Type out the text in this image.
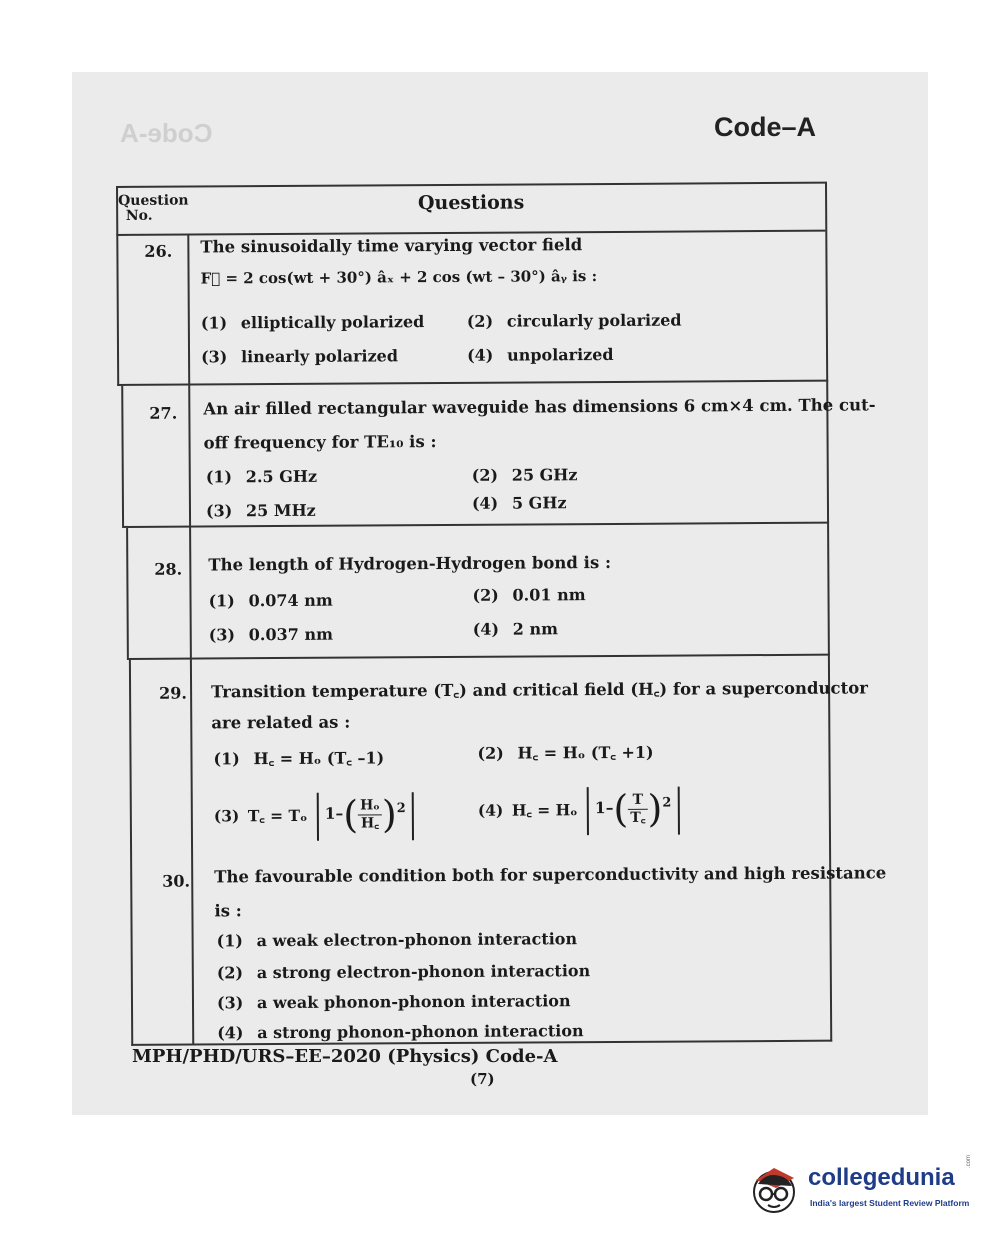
Code-A	Code–A
Question No.
Questions
26. The sinusoidally time varying vector field
F⃗ = 2 cos(wt + 30°) âₓ + 2 cos (wt – 30°) âᵧ is :
(1) elliptically polarized	(2) circularly polarized
(3) linearly polarized	(4) unpolarized
27. An air filled rectangular waveguide has dimensions 6 cm×4 cm. The cut-
off frequency for TE₁₀ is :
(1) 2.5 GHz	(2) 25 GHz
(3) 25 MHz	(4) 5 GHz
28. The length of Hydrogen-Hydrogen bond is :
(1) 0.074 nm	(2) 0.01 nm
(3) 0.037 nm	(4) 2 nm
29. Transition temperature (T꜀) and critical field (H꜀) for a superconductor
are related as :
(1) H꜀ = Hₒ (T꜀ –1)	(2) H꜀ = Hₒ (T꜀ +1)
(3) T꜀ = Tₒ $1-( \frac{\text{Hₒ}}{H꜀} )^2$	(4) H꜀ = Hₒ $1-( \frac{T}{T꜀} )^2$
30. The favourable condition both for superconductivity and high resistance
is :
(1) a weak electron-phonon interaction
(2) a strong electron-phonon interaction
(3) a weak phonon-phonon interaction
(4) a strong phonon-phonon interaction
MPH/PHD/URS–EE–2020 (Physics) Code-A
(7)
collegedunia
India's largest Student Review Platform
.com
